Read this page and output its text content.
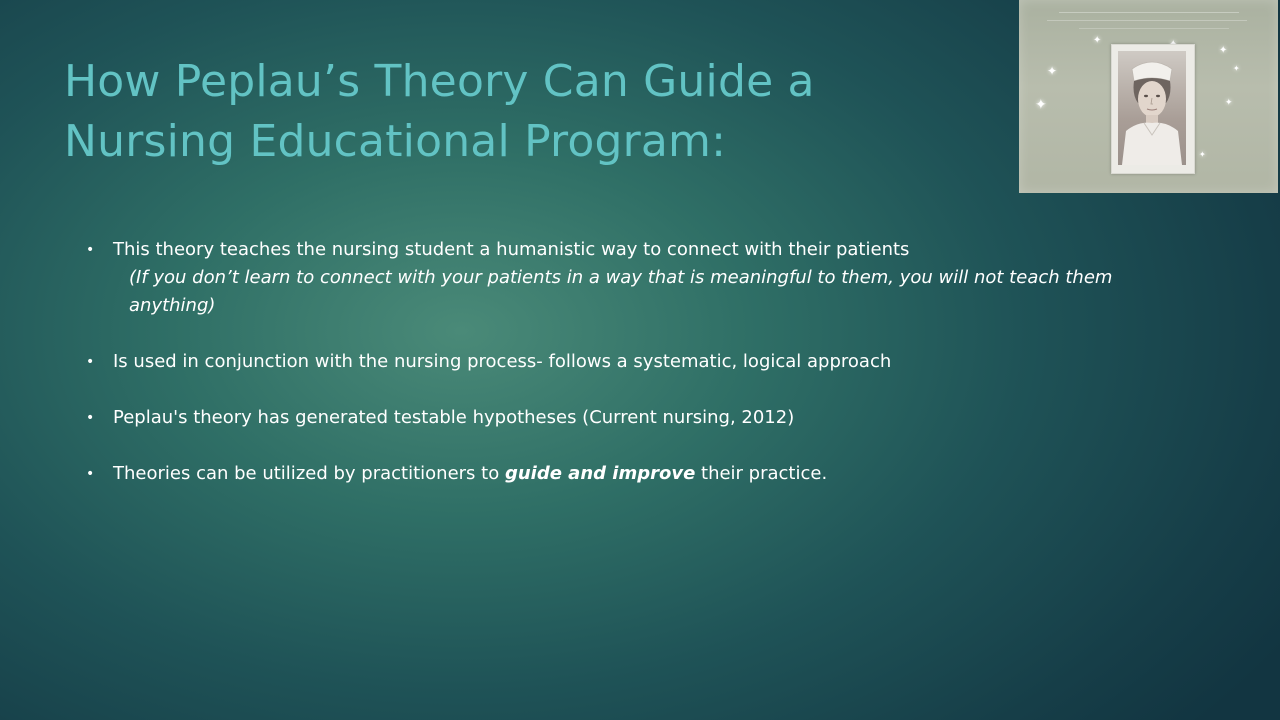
How Peplau’s Theory Can Guide a
Nursing Educational Program:
✦
✦
✦	✦
✦	✦
✦

• This theory teaches the nursing student a humanistic way to connect with their patients
(If you don’t learn to connect with your patients in a way that is meaningful to them, you will not teach them anything)

• Is used in conjunction with the nursing process- follows a systematic, logical approach

• Peplau's theory has generated testable hypotheses (Current nursing, 2012)

• Theories can be utilized by practitioners to guide and improve their practice.
